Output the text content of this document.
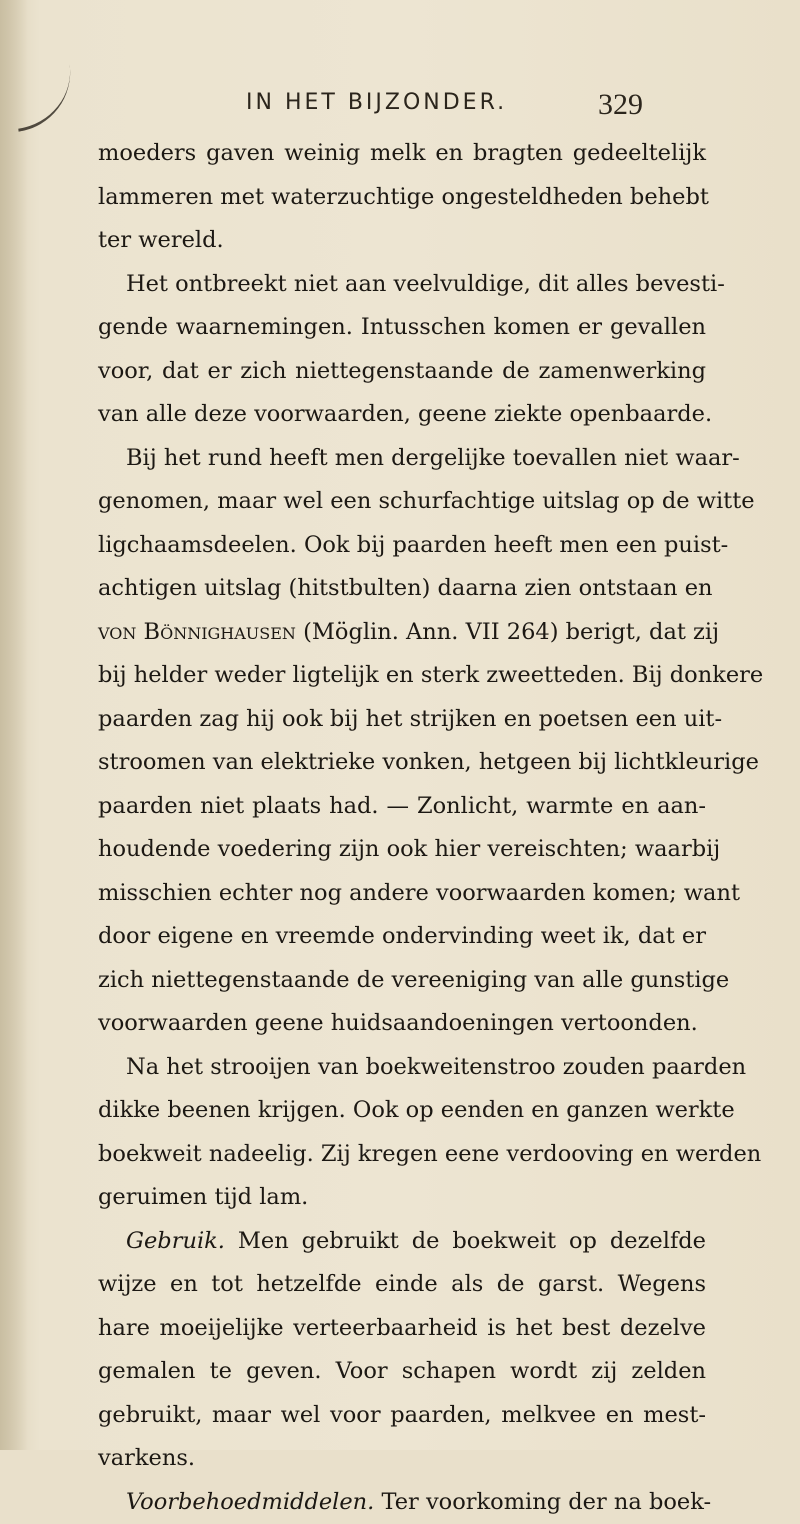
IN HET BIJZONDER.	329
moeders gaven weinig melk en bragten gedeeltelijk
lammeren met waterzuchtige ongesteldheden behebt
ter wereld.
Het ontbreekt niet aan veelvuldige, dit alles bevesti-
gende waarnemingen. Intusschen komen er gevallen
voor, dat er zich niettegenstaande de zamenwerking
van alle deze voorwaarden, geene ziekte openbaarde.
Bij het rund heeft men dergelijke toevallen niet waar-
genomen, maar wel een schurfachtige uitslag op de witte
ligchaamsdeelen. Ook bij paarden heeft men een puist-
achtigen uitslag (hitstbulten) daarna zien ontstaan en
von Bönnighausen (Möglin. Ann. VII 264) berigt, dat zij
bij helder weder ligtelijk en sterk zweetteden. Bij donkere
paarden zag hij ook bij het strijken en poetsen een uit-
stroomen van elektrieke vonken, hetgeen bij lichtkleurige
paarden niet plaats had. — Zonlicht, warmte en aan-
houdende voedering zijn ook hier vereischten; waarbij
misschien echter nog andere voorwaarden komen; want
door eigene en vreemde ondervinding weet ik, dat er
zich niettegenstaande de vereeniging van alle gunstige
voorwaarden geene huidsaandoeningen vertoonden.
Na het strooijen van boekweitenstroo zouden paarden
dikke beenen krijgen. Ook op eenden en ganzen werkte
boekweit nadeelig. Zij kregen eene verdooving en werden
geruimen tijd lam.
Gebruik. Men gebruikt de boekweit op dezelfde
wijze en tot hetzelfde einde als de garst. Wegens
hare moeijelijke verteerbaarheid is het best dezelve
gemalen te geven. Voor schapen wordt zij zelden
gebruikt, maar wel voor paarden, melkvee en mest-
varkens.
Voorbehoedmiddelen. Ter voorkoming der na boek-
